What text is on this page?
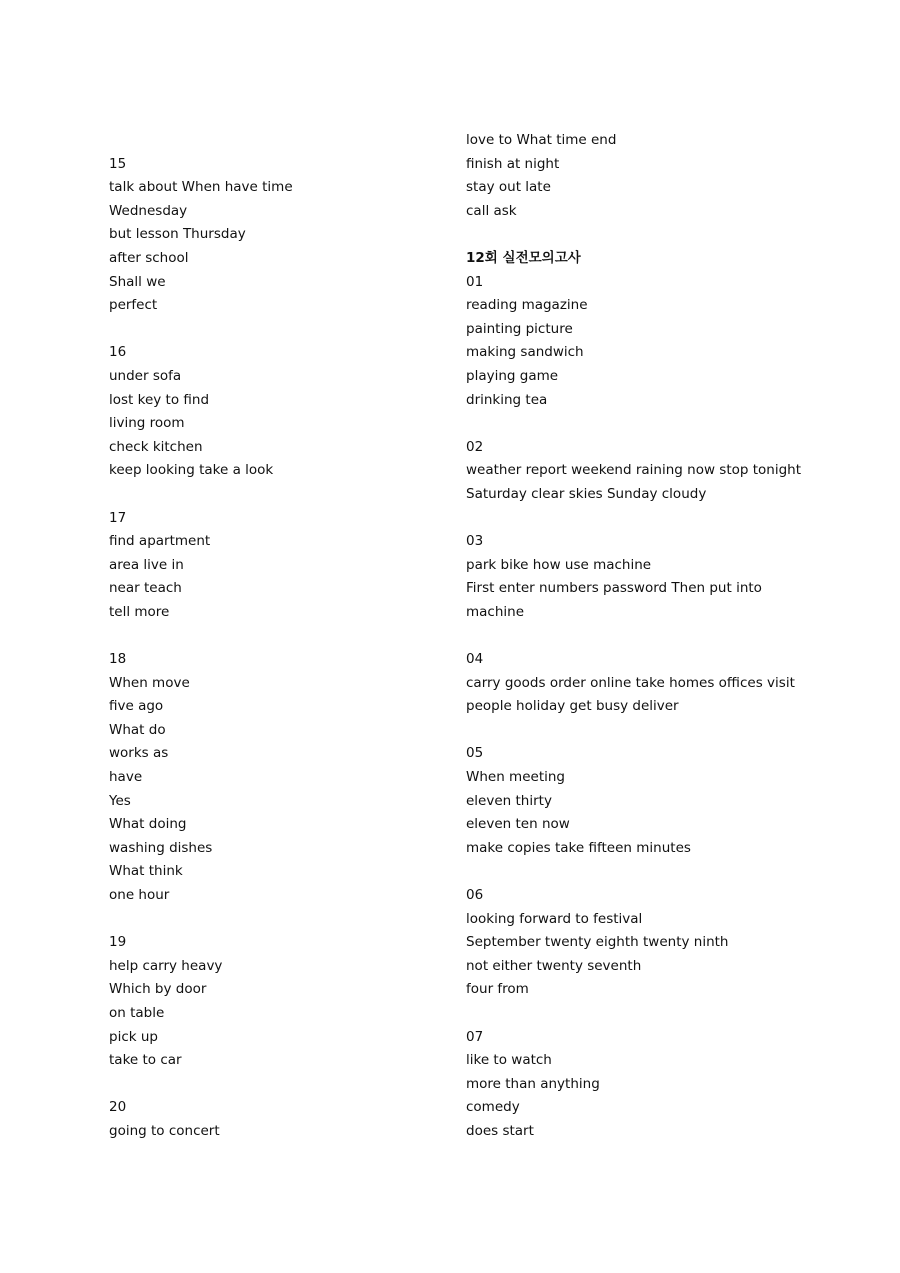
15

talk about When have time

Wednesday

but lesson Thursday

after school

Shall we

perfect

16

under sofa

lost key to find

living room

check kitchen

keep looking take a look

17

find apartment

area live in

near teach

tell more

18

When move

five ago

What do

works as

have

Yes

What doing

washing dishes

What think

one hour

19

help carry heavy

Which by door

on table

pick up

take to car

20

going to concert

love to What time end

finish at night

stay out late

call ask

12회 실전모의고사

01

reading magazine

painting picture

making sandwich

playing game

drinking tea

02

weather report weekend raining now stop tonight

Saturday clear skies Sunday cloudy

03

park bike how use machine

First enter numbers password Then put into

machine

04

carry goods order online take homes offices visit

people holiday get busy deliver

05

When meeting

eleven thirty

eleven ten now

make copies take fifteen minutes

06

looking forward to festival

September twenty eighth twenty ninth

not either twenty seventh

four from

07

like to watch

more than anything

comedy

does start
